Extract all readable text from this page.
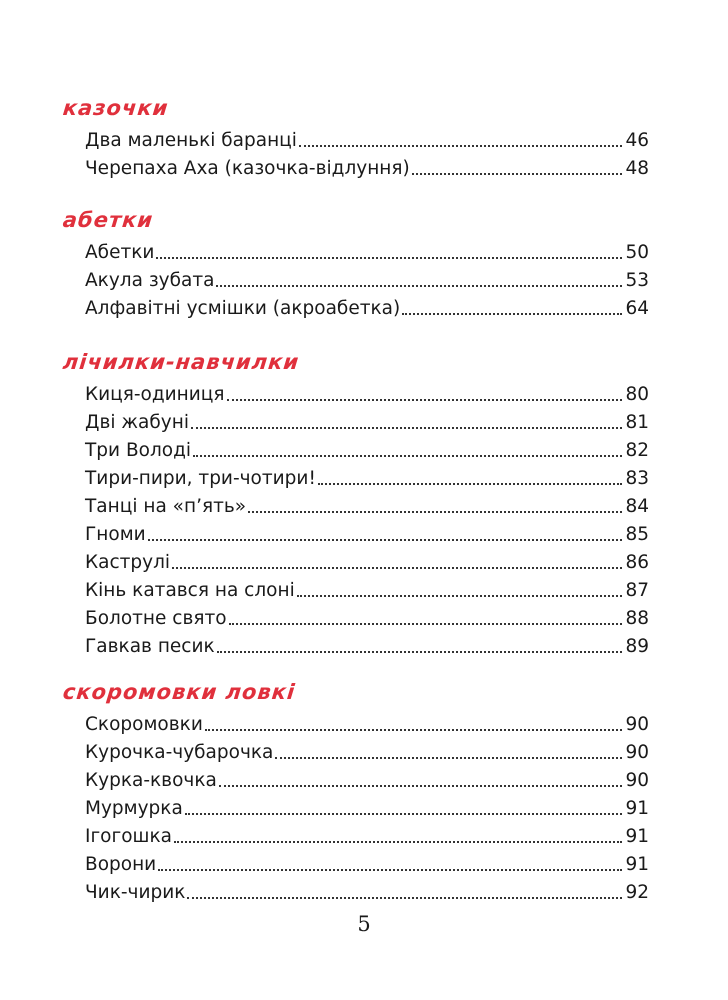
казочки
Два маленькі баранці	46
Черепаха Аха (казочка-відлуння)	48
абетки
Абетки	50
Акула зубата	53
Алфавітні усмішки (акроабетка)	64
лічилки-навчилки
Киця-одиниця	80
Дві жабуні	81
Три Володі	82
Тири-пири, три-чотири!	83
Танці на «п’ять»	84
Гноми	85
Каструлі	86
Кінь катався на слоні	87
Болотне свято	88
Гавкав песик	89
скоромовки ловкі
Скоромовки	90
Курочка-чубарочка	90
Курка-квочка	90
Мурмурка	91
Ігогошка	91
Ворони	91
Чик-чирик	92
5
